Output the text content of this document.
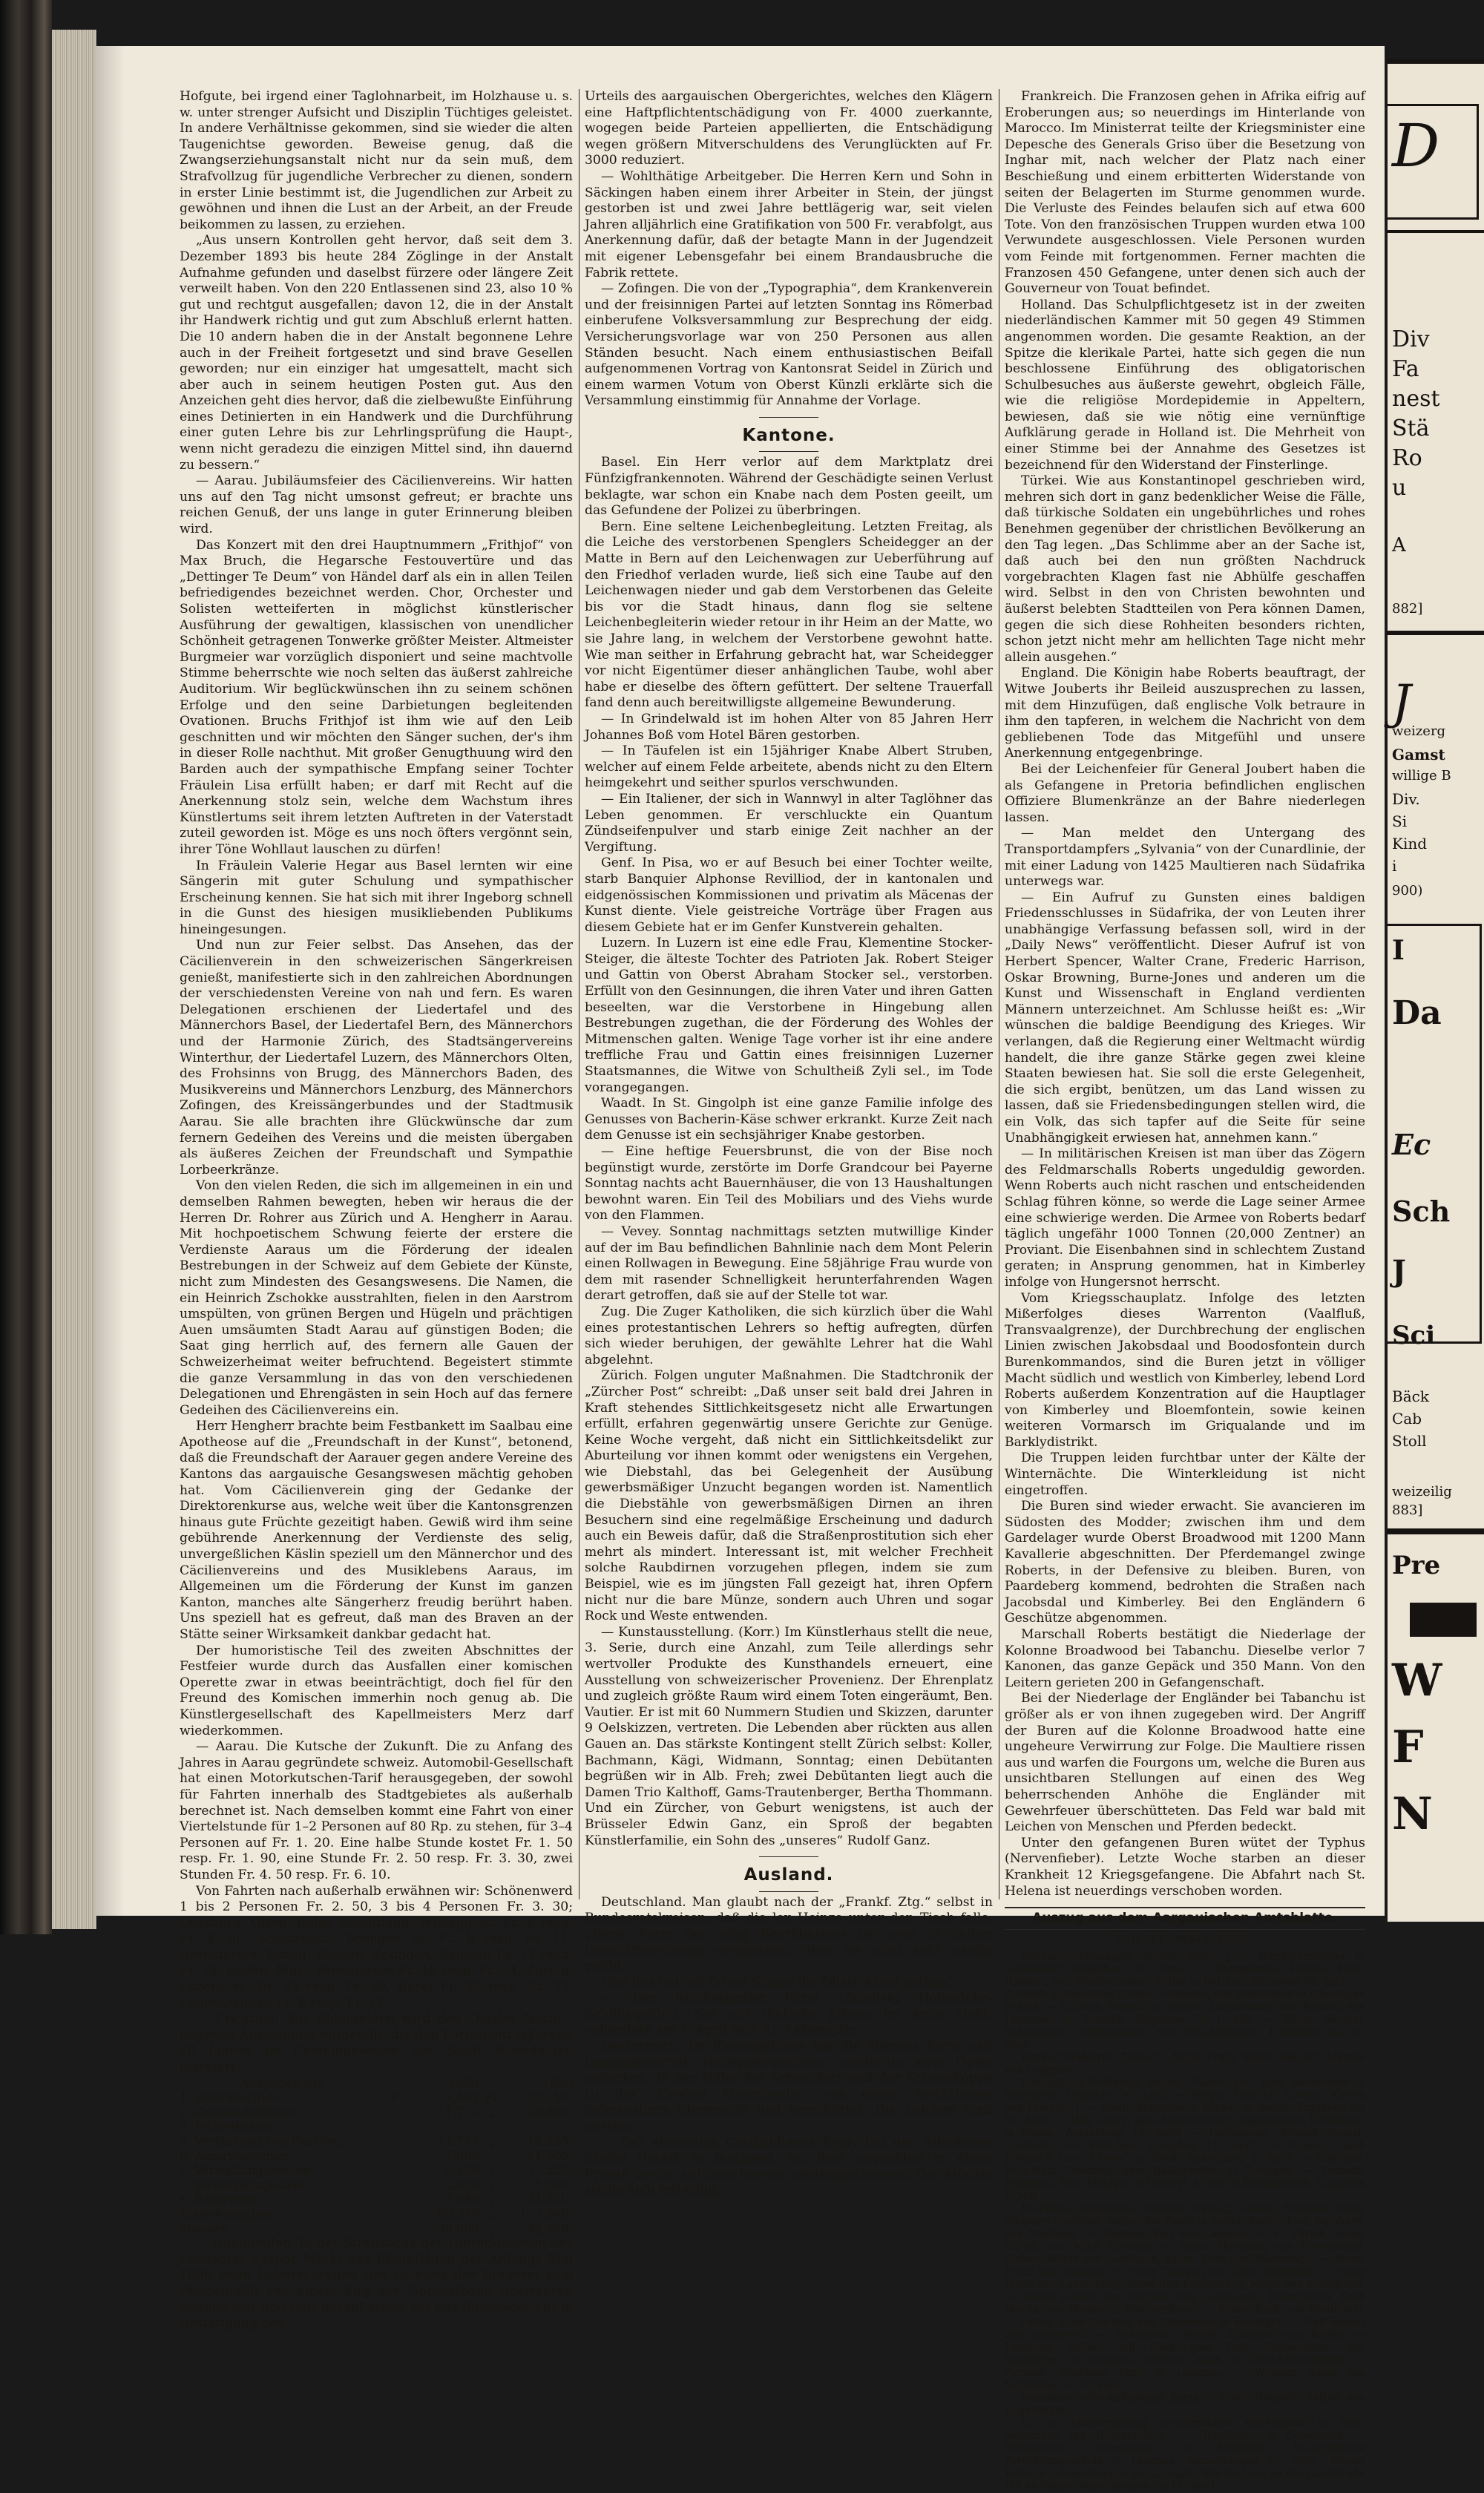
Hofgute, bei irgend einer Taglohnarbeit, im Holzhause u. s. w. unter strenger Aufsicht und Disziplin Tüchtiges geleistet. In andere Verhältnisse gekommen, sind sie wieder die alten Taugenichtse geworden. Beweise genug, daß die Zwangserziehungsanstalt nicht nur da sein muß, dem Strafvollzug für jugendliche Verbrecher zu dienen, sondern in erster Linie bestimmt ist, die Jugendlichen zur Arbeit zu gewöhnen und ihnen die Lust an der Arbeit, an der Freude beikommen zu lassen, zu erziehen.

„Aus unsern Kontrollen geht hervor, daß seit dem 3. Dezember 1893 bis heute 284 Zöglinge in der Anstalt Aufnahme gefunden und daselbst fürzere oder längere Zeit verweilt haben. Von den 220 Entlassenen sind 23, also 10 % gut und rechtgut ausgefallen; davon 12, die in der Anstalt ihr Handwerk richtig und gut zum Abschluß erlernt hatten. Die 10 andern haben die in der Anstalt begonnene Lehre auch in der Freiheit fortgesetzt und sind brave Gesellen geworden; nur ein einziger hat umgesattelt, macht sich aber auch in seinem heutigen Posten gut. Aus den Anzeichen geht dies hervor, daß die zielbewußte Einführung eines Detinierten in ein Handwerk und die Durchführung einer guten Lehre bis zur Lehrlingsprüfung die Haupt-, wenn nicht geradezu die einzigen Mittel sind, ihn dauernd zu bessern.“

— Aarau. Jubiläumsfeier des Cäcilienvereins. Wir hatten uns auf den Tag nicht umsonst gefreut; er brachte uns reichen Genuß, der uns lange in guter Erinnerung bleiben wird.

Das Konzert mit den drei Hauptnummern „Frithjof“ von Max Bruch, die Hegarsche Festouvertüre und das „Dettinger Te Deum“ von Händel darf als ein in allen Teilen befriedigendes bezeichnet werden. Chor, Orchester und Solisten wetteiferten in möglichst künstlerischer Ausführung der gewaltigen, klassischen von unendlicher Schönheit getragenen Tonwerke größter Meister. Altmeister Burgmeier war vorzüglich disponiert und seine machtvolle Stimme beherrschte wie noch selten das äußerst zahlreiche Auditorium. Wir beglückwünschen ihn zu seinem schönen Erfolge und den seine Darbietungen begleitenden Ovationen. Bruchs Frithjof ist ihm wie auf den Leib geschnitten und wir möchten den Sänger suchen, der's ihm in dieser Rolle nachthut. Mit großer Genugthuung wird den Barden auch der sympathische Empfang seiner Tochter Fräulein Lisa erfüllt haben; er darf mit Recht auf die Anerkennung stolz sein, welche dem Wachstum ihres Künstlertums seit ihrem letzten Auftreten in der Vaterstadt zuteil geworden ist. Möge es uns noch öfters vergönnt sein, ihrer Töne Wohllaut lauschen zu dürfen!

In Fräulein Valerie Hegar aus Basel lernten wir eine Sängerin mit guter Schulung und sympathischer Erscheinung kennen. Sie hat sich mit ihrer Ingeborg schnell in die Gunst des hiesigen musikliebenden Publikums hineingesungen.

Und nun zur Feier selbst. Das Ansehen, das der Cäcilienverein in den schweizerischen Sängerkreisen genießt, manifestierte sich in den zahlreichen Abordnungen der verschiedensten Vereine von nah und fern. Es waren Delegationen erschienen der Liedertafel und des Männerchors Basel, der Liedertafel Bern, des Männerchors und der Harmonie Zürich, des Stadtsängervereins Winterthur, der Liedertafel Luzern, des Männerchors Olten, des Frohsinns von Brugg, des Männerchors Baden, des Musikvereins und Männerchors Lenzburg, des Männerchors Zofingen, des Kreissängerbundes und der Stadtmusik Aarau. Sie alle brachten ihre Glückwünsche dar zum fernern Gedeihen des Vereins und die meisten übergaben als äußeres Zeichen der Freundschaft und Sympathie Lorbeerkränze.

Von den vielen Reden, die sich im allgemeinen in ein und demselben Rahmen bewegten, heben wir heraus die der Herren Dr. Rohrer aus Zürich und A. Hengherr in Aarau. Mit hochpoetischem Schwung feierte der erstere die Verdienste Aaraus um die Förderung der idealen Bestrebungen in der Schweiz auf dem Gebiete der Künste, nicht zum Mindesten des Gesangswesens. Die Namen, die ein Heinrich Zschokke ausstrahlten, fielen in den Aarstrom umspülten, von grünen Bergen und Hügeln und prächtigen Auen umsäumten Stadt Aarau auf günstigen Boden; die Saat ging herrlich auf, des fernern alle Gauen der Schweizerheimat weiter befruchtend. Begeistert stimmte die ganze Versammlung in das von den verschiedenen Delegationen und Ehrengästen in sein Hoch auf das fernere Gedeihen des Cäcilienvereins ein.

Herr Hengherr brachte beim Festbankett im Saalbau eine Apotheose auf die „Freundschaft in der Kunst“, betonend, daß die Freundschaft der Aarauer gegen andere Vereine des Kantons das aargauische Gesangswesen mächtig gehoben hat. Vom Cäcilienverein ging der Gedanke der Direktorenkurse aus, welche weit über die Kantonsgrenzen hinaus gute Früchte gezeitigt haben. Gewiß wird ihm seine gebührende Anerkennung der Verdienste des selig, unvergeßlichen Käslin speziell um den Männerchor und des Cäcilienvereins und des Musiklebens Aaraus, im Allgemeinen um die Förderung der Kunst im ganzen Kanton, manches alte Sängerherz freudig berührt haben. Uns speziell hat es gefreut, daß man des Braven an der Stätte seiner Wirksamkeit dankbar gedacht hat.

Der humoristische Teil des zweiten Abschnittes der Festfeier wurde durch das Ausfallen einer komischen Operette zwar in etwas beeinträchtigt, doch fiel für den Freund des Komischen immerhin noch genug ab. Die Künstlergesellschaft des Kapellmeisters Merz darf wiederkommen.

— Aarau. Die Kutsche der Zukunft. Die zu Anfang des Jahres in Aarau gegründete schweiz. Automobil-Gesellschaft hat einen Motorkutschen-Tarif herausgegeben, der sowohl für Fahrten innerhalb des Stadtgebietes als außerhalb berechnet ist. Nach demselben kommt eine Fahrt von einer Viertelstunde für 1–2 Personen auf 80 Rp. zu stehen, für 3–4 Personen auf Fr. 1. 20. Eine halbe Stunde kostet Fr. 1. 50 resp. Fr. 1. 90, eine Stunde Fr. 2. 50 resp. Fr. 3. 30, zwei Stunden Fr. 4. 50 resp. Fr. 6. 10.

Von Fahrten nach außerhalb erwähnen wir: Schönenwerd 1 bis 2 Personen Fr. 2. 50, 3 bis 4 Personen Fr. 3. 30; Lenzburg, Olten, Kulm, Schöftland, Wildegg ec. Fr. 6 resp. Fr. 8. 50, Schinznach, Seengen ec. Fr. 8 resp. Fr. 11, Bremgarten, Brugg, Wohlen, Zofingen, Reinach Fr. 12 resp. Fr. 18, Baden, Muri, Bremgarten Fr. 18 resp. Fr. 24, Zürich, Luzern ec. Fr. 22 resp. Fr. 30, Basel Fr. 25 resp. Fr. 32, Laurenzenbad Fr. 8 resp. Fr. 12.

— Frickthal. Aus Rheinfelden wird den „Basler Nachr.“ folgende Ausstellung mitgeteilt, die den Fortschritt während 20 Jahren im Gemeindewesen der Stadt Rheinfelden markiert:

Ausgaben pro		1880		1900
1. Bezirksschule	Fr.	7,552	Fr.	20,150.
2. Gemeindeschule	„	11,722	„	20,800.
3. Polizeikasse:				
a. Verzinsung von Passiven	„	11,731	„	14,435.
b. Amortisationen	„	7,000	„	11,500.
c. Verwaltungskosten	„	9,500	„	17,250.
d. Sicherheitspolizei	„	2,650	„	5,050.
e. Bauwesen	„	7,080	„	21,450.
Total-Ausgaben	„	60,379	„	117,900.
Steuern	„	33,000	„	42,250.

— Rheinfelden. In der Streitsache der Hinterlassenen des Landwirts Kaspar Märki aus Rheinfelden der Anfangs Mai 1898 beim Ueberschreiten des Geleises der Brauerei zum Feldschlößli von einem Zug der Nordostbahn überfahren worden war und tags darauf starb, hat das Bundesgericht in Bestätigung des

Urteils des aargauischen Obergerichtes, welches den Klägern eine Haftpflichtentschädigung von Fr. 4000 zuerkannte, wogegen beide Parteien appellierten, die Entschädigung wegen größern Mitverschuldens des Verunglückten auf Fr. 3000 reduziert.

— Wohlthätige Arbeitgeber. Die Herren Kern und Sohn in Säckingen haben einem ihrer Arbeiter in Stein, der jüngst gestorben ist und zwei Jahre bettlägerig war, seit vielen Jahren alljährlich eine Gratifikation von 500 Fr. verabfolgt, aus Anerkennung dafür, daß der betagte Mann in der Jugendzeit mit eigener Lebensgefahr bei einem Brandausbruche die Fabrik rettete.

— Zofingen. Die von der „Typographia“, dem Krankenverein und der freisinnigen Partei auf letzten Sonntag ins Römerbad einberufene Volksversammlung zur Besprechung der eidg. Versicherungsvorlage war von 250 Personen aus allen Ständen besucht. Nach einem enthusiastischen Beifall aufgenommenen Vortrag von Kantonsrat Seidel in Zürich und einem warmen Votum von Oberst Künzli erklärte sich die Versammlung einstimmig für Annahme der Vorlage.

Kantone.

Basel. Ein Herr verlor auf dem Marktplatz drei Fünfzigfrankennoten. Während der Geschädigte seinen Verlust beklagte, war schon ein Knabe nach dem Posten geeilt, um das Gefundene der Polizei zu überbringen.

Bern. Eine seltene Leichenbegleitung. Letzten Freitag, als die Leiche des verstorbenen Spenglers Scheidegger an der Matte in Bern auf den Leichenwagen zur Ueberführung auf den Friedhof verladen wurde, ließ sich eine Taube auf den Leichenwagen nieder und gab dem Verstorbenen das Geleite bis vor die Stadt hinaus, dann flog sie seltene Leichenbegleiterin wieder retour in ihr Heim an der Matte, wo sie Jahre lang, in welchem der Verstorbene gewohnt hatte. Wie man seither in Erfahrung gebracht hat, war Scheidegger vor nicht Eigentümer dieser anhänglichen Taube, wohl aber habe er dieselbe des öftern gefüttert. Der seltene Trauerfall fand denn auch bereitwilligste allgemeine Bewunderung.

— In Grindelwald ist im hohen Alter von 85 Jahren Herr Johannes Boß vom Hotel Bären gestorben.

— In Täufelen ist ein 15jähriger Knabe Albert Struben, welcher auf einem Felde arbeitete, abends nicht zu den Eltern heimgekehrt und seither spurlos verschwunden.

— Ein Italiener, der sich in Wannwyl in alter Taglöhner das Leben genommen. Er verschluckte ein Quantum Zündseifenpulver und starb einige Zeit nachher an der Vergiftung.

Genf. In Pisa, wo er auf Besuch bei einer Tochter weilte, starb Banquier Alphonse Revilliod, der in kantonalen und eidgenössischen Kommissionen und privatim als Mäcenas der Kunst diente. Viele geistreiche Vorträge über Fragen aus diesem Gebiete hat er im Genfer Kunstverein gehalten.

Luzern. In Luzern ist eine edle Frau, Klementine Stocker-Steiger, die älteste Tochter des Patrioten Jak. Robert Steiger und Gattin von Oberst Abraham Stocker sel., verstorben. Erfüllt von den Gesinnungen, die ihren Vater und ihren Gatten beseelten, war die Verstorbene in Hingebung allen Bestrebungen zugethan, die der Förderung des Wohles der Mitmenschen galten. Wenige Tage vorher ist ihr eine andere treffliche Frau und Gattin eines freisinnigen Luzerner Staatsmannes, die Witwe von Schultheiß Zyli sel., im Tode vorangegangen.

Waadt. In St. Gingolph ist eine ganze Familie infolge des Genusses von Bacherin-Käse schwer erkrankt. Kurze Zeit nach dem Genusse ist ein sechsjähriger Knabe gestorben.

— Eine heftige Feuersbrunst, die von der Bise noch begünstigt wurde, zerstörte im Dorfe Grandcour bei Payerne Sonntag nachts acht Bauernhäuser, die von 13 Haushaltungen bewohnt waren. Ein Teil des Mobiliars und des Viehs wurde von den Flammen.

— Vevey. Sonntag nachmittags setzten mutwillige Kinder auf der im Bau befindlichen Bahnlinie nach dem Mont Pelerin einen Rollwagen in Bewegung. Eine 58jährige Frau wurde von dem mit rasender Schnelligkeit herunterfahrenden Wagen derart getroffen, daß sie auf der Stelle tot war.

Zug. Die Zuger Katholiken, die sich kürzlich über die Wahl eines protestantischen Lehrers so heftig aufregten, dürfen sich wieder beruhigen, der gewählte Lehrer hat die Wahl abgelehnt.

Zürich. Folgen unguter Maßnahmen. Die Stadtchronik der „Zürcher Post“ schreibt: „Daß unser seit bald drei Jahren in Kraft stehendes Sittlichkeitsgesetz nicht alle Erwartungen erfüllt, erfahren gegenwärtig unsere Gerichte zur Genüge. Keine Woche vergeht, daß nicht ein Sittlichkeitsdelikt zur Aburteilung vor ihnen kommt oder wenigstens ein Vergehen, wie Diebstahl, das bei Gelegenheit der Ausübung gewerbsmäßiger Unzucht begangen worden ist. Namentlich die Diebstähle von gewerbsmäßigen Dirnen an ihren Besuchern sind eine regelmäßige Erscheinung und dadurch auch ein Beweis dafür, daß die Straßenprostitution sich eher mehrt als mindert. Interessant ist, mit welcher Frechheit solche Raubdirnen vorzugehen pflegen, indem sie zum Beispiel, wie es im jüngsten Fall gezeigt hat, ihren Opfern nicht nur die bare Münze, sondern auch Uhren und sogar Rock und Weste entwenden.

— Kunstausstellung. (Korr.) Im Künstlerhaus stellt die neue, 3. Serie, durch eine Anzahl, zum Teile allerdings sehr wertvoller Produkte des Kunsthandels erneuert, eine Ausstellung von schweizerischer Provenienz. Der Ehrenplatz und zugleich größte Raum wird einem Toten eingeräumt, Ben. Vautier. Er ist mit 60 Nummern Studien und Skizzen, darunter 9 Oelskizzen, vertreten. Die Lebenden aber rückten aus allen Gauen an. Das stärkste Kontingent stellt Zürich selbst: Koller, Bachmann, Kägi, Widmann, Sonntag; einen Debütanten begrüßen wir in Alb. Freh; zwei Debütanten liegt auch die Damen Trio Kalthoff, Gams-Trautenberger, Bertha Thommann. Und ein Zürcher, von Geburt wenigstens, ist auch der Brüsseler Edwin Ganz, ein Sproß der begabten Künstlerfamilie, ein Sohn des „unseres“ Rudolf Ganz.

Ausland.

Deutschland. Man glaubt nach der „Frankf. Ztg.“ selbst in Bundesratskreisen, daß die lex Heinze unter den Tisch falle. „Diese Form des selig Begräbnisses ist zwar in keiner Geschäftsordnung vorgesehen, aber sie wird sehr häufig geübt.“

Und das hat mit ihrem Singer die Ohstruktion gethan!

— Der Reichskanzler Fürst Chlodwig Hohenlohe-Schillingsfürst, der seit fünfzehn Jahren im Amte steht, vollendete am 1. April sein 81. Lebensjahr.

Oesterreich. Im Riesengebirge hat die überaus harte und langandauernde Hochgebirgswinter wiederum zwei Opfer gefordert. In der Nähe des Schneiders und der Schneekoppe ist der „Großen Sturmhaube“ von einem furchtbaren Schneesturm überrascht und verschüttet. Die Leichen fand gestern.

— Der ehemalige Garibaldianer Ryuly hat den Advokaten Stefan Horath in Budapest, bei dem gegenüber er einen Prozeß verlor, auf dem Bureau niedergeschossen. Der Mörder stellte sich freiwillig.

Frankreich. Die Franzosen gehen in Afrika eifrig auf Eroberungen aus; so neuerdings im Hinterlande von Marocco. Im Ministerrat teilte der Kriegsminister eine Depesche des Generals Griso über die Besetzung von Inghar mit, nach welcher der Platz nach einer Beschießung und einem erbitterten Widerstande von seiten der Belagerten im Sturme genommen wurde. Die Verluste des Feindes belaufen sich auf etwa 600 Tote. Von den französischen Truppen wurden etwa 100 Verwundete ausgeschlossen. Viele Personen wurden vom Feinde mit fortgenommen. Ferner machten die Franzosen 450 Gefangene, unter denen sich auch der Gouverneur von Touat befindet.

Holland. Das Schulpflichtgesetz ist in der zweiten niederländischen Kammer mit 50 gegen 49 Stimmen angenommen worden. Die gesamte Reaktion, an der Spitze die klerikale Partei, hatte sich gegen die nun beschlossene Einführung des obligatorischen Schulbesuches aus äußerste gewehrt, obgleich Fälle, wie die religiöse Mordepidemie in Appeltern, bewiesen, daß sie wie nötig eine vernünftige Aufklärung gerade in Holland ist. Die Mehrheit von einer Stimme bei der Annahme des Gesetzes ist bezeichnend für den Widerstand der Finsterlinge.

Türkei. Wie aus Konstantinopel geschrieben wird, mehren sich dort in ganz bedenklicher Weise die Fälle, daß türkische Soldaten ein ungebührliches und rohes Benehmen gegenüber der christlichen Bevölkerung an den Tag legen. „Das Schlimme aber an der Sache ist, daß auch bei den nun größten Nachdruck vorgebrachten Klagen fast nie Abhülfe geschaffen wird. Selbst in den von Christen bewohnten und äußerst belebten Stadtteilen von Pera können Damen, gegen die sich diese Rohheiten besonders richten, schon jetzt nicht mehr am hellichten Tage nicht mehr allein ausgehen.“

England. Die Königin habe Roberts beauftragt, der Witwe Jouberts ihr Beileid auszusprechen zu lassen, mit dem Hinzufügen, daß englische Volk betraure in ihm den tapferen, in welchem die Nachricht von dem gebliebenen Tode das Mitgefühl und unsere Anerkennung entgegenbringe.

Bei der Leichenfeier für General Joubert haben die als Gefangene in Pretoria befindlichen englischen Offiziere Blumenkränze an der Bahre niederlegen lassen.

— Man meldet den Untergang des Transportdampfers „Sylvania“ von der Cunardlinie, der mit einer Ladung von 1425 Maultieren nach Südafrika unterwegs war.

— Ein Aufruf zu Gunsten eines baldigen Friedensschlusses in Südafrika, der von Leuten ihrer unabhängige Verfassung befassen soll, wird in der „Daily News“ veröffentlicht. Dieser Aufruf ist von Herbert Spencer, Walter Crane, Frederic Harrison, Oskar Browning, Burne-Jones und anderen um die Kunst und Wissenschaft in England verdienten Männern unterzeichnet. Am Schlusse heißt es: „Wir wünschen die baldige Beendigung des Krieges. Wir verlangen, daß die Regierung einer Weltmacht würdig handelt, die ihre ganze Stärke gegen zwei kleine Staaten bewiesen hat. Sie soll die erste Gelegenheit, die sich ergibt, benützen, um das Land wissen zu lassen, daß sie Friedensbedingungen stellen wird, die ein Volk, das sich tapfer auf die Seite für seine Unabhängigkeit erwiesen hat, annehmen kann.“

— In militärischen Kreisen ist man über das Zögern des Feldmarschalls Roberts ungeduldig geworden. Wenn Roberts auch nicht raschen und entscheidenden Schlag führen könne, so werde die Lage seiner Armee eine schwierige werden. Die Armee von Roberts bedarf täglich ungefähr 1000 Tonnen (20,000 Zentner) an Proviant. Die Eisenbahnen sind in schlechtem Zustand geraten; in Ansprung genommen, hat in Kimberley infolge von Hungersnot herrscht.

Vom Kriegsschauplatz. Infolge des letzten Mißerfolges dieses Warrenton (Vaalfluß, Transvaalgrenze), der Durchbrechung der englischen Linien zwischen Jakobsdaal und Boodosfontein durch Burenkommandos, sind die Buren jetzt in völliger Macht südlich und westlich von Kimberley, lebend Lord Roberts außerdem Konzentration auf die Hauptlager von Kimberley und Bloemfontein, sowie keinen weiteren Vormarsch im Griqualande und im Barklydistrikt.

Die Truppen leiden furchtbar unter der Kälte der Winternächte. Die Winterkleidung ist nicht eingetroffen.

Die Buren sind wieder erwacht. Sie avancieren im Südosten des Modder; zwischen ihm und dem Gardelager wurde Oberst Broadwood mit 1200 Mann Kavallerie abgeschnitten. Der Pferdemangel zwinge Roberts, in der Defensive zu bleiben. Buren, von Paardeberg kommend, bedrohten die Straßen nach Jacobsdal und Kimberley. Bei den Engländern 6 Geschütze abgenommen.

Marschall Roberts bestätigt die Niederlage der Kolonne Broadwood bei Tabanchu. Dieselbe verlor 7 Kanonen, das ganze Gepäck und 350 Mann. Von den Leitern gerieten 200 in Gefangenschaft.

Bei der Niederlage der Engländer bei Tabanchu ist größer als er von ihnen zugegeben wird. Der Angriff der Buren auf die Kolonne Broadwood hatte eine ungeheure Verwirrung zur Folge. Die Maultiere rissen aus und warfen die Fourgons um, welche die Buren aus unsichtbaren Stellungen auf einen des Weg beherrschenden Anhöhe die Engländer mit Gewehrfeuer überschütteten. Das Feld war bald mit Leichen von Menschen und Pferden bedeckt.

Unter den gefangenen Buren wütet der Typhus (Nervenfieber). Letzte Woche starben an dieser Krankheit 12 Kriegsgefangene. Die Abfahrt nach St. Helena ist neuerdings verschoben worden.

Auszug aus dem Aargauischen Amtsblatte.
Vom 31. März 1900.

Konkurs-Eröffnungen. Baden. Killer, Jos., Schreinermeister in Gebenstorf. Eingaben 30. April. — Bremgarten. Leupin, Fritz, Händler, von Windischstein, früher in Berikon, Eingaben 30. April. — Zurzach. Gutenacher, Gottfr., Schlosser, von Staffelbach in Ofstringen Schluß. — Zurzach. Höger, Ihr. Johann, Zimmermann und Krämer, von Lienstein, in Zurzach. Eingaben bis 1. Mai. — Wyler, Samuel, Schweizerin, Weißwäscher, von Neu-Endingen. Eingaben bis 10. April.

Konkurs-Widerruf. Zurzach. Angst Franz Xaver, Maurer, Marzen von Lengnau.

Liquidations-Eröffnung. Baden. Stählin, Jos., gew. Baumeister in Wettingen. Eingaben 30. April. — Burger, Gottlieb, Giesser, Käferli von Freienwyl. — Meril, Magdalena, Witwe, in Baden. Eingaben bis 10. April. — Hug Georg, gew. Schmied und Ziegelmeister, Einwohner in Baden, Anmeldung 10. April. — Laufenburg. Schmid August, Gastwirt, von Steinfeld. Eingaben 11. April. — Rohrer, Jakob Friedrich zum „Löwen“ in Frick. Anmeldung 1. April. — Zofingen. Wirz-Wolf, Friedrich, gew. Bankdirektor in Zofingen. — Zurzach. Johannes, Schn Metzger in Huttwyl, früher in Strengelbach. Eingaben 1. Mai.

Fruchtlos Gepfändete. Zurzach. Herzog, Gabriel, Schmied, Sohn, Ammann Christian, Schneider. Beide in Aarau. Baden. Karl, Reinhard, von Wettikon. — Wiermer Karl von Langnau a. A., Zürich. Suter, Alfred, von Mieß Böhmen, — Meier Hermann von Birmenstorf. Stuber, Albert von Leimbach, Kulm. Fritz von Wädenswyl. — Suter, Franz von Lengnau. — Meier Traugott von Ober-Siggenthal. — Jenny Jakob von Laufenburg. Basel und Laufenburg, Maler von Schöftland. — Walter Johann von Zurzach und Geroldswyl. Bremgarten. Koch Moritz, von Wyden, in Oberurnfoten. — Maier, Emil, von Niederwyl, — Zürich. Stier Gottlieb, von Gebenstorf in Endingen. — Ruff Robert von Niederwyl. — Schwarzer, Rudolf, Eheleute von Baden. — Lenzburg. Keller, Emil, Sohn, gew. Fritz, Zimmermann, von Sigglingen, in Lengnau. Wittmer Jakob, in Ober-Ehrendingen. — Zurzach. Rohrbeer Emil, in Lengnau. — Widmer, Jakob von Siggenthal, in Zurzach.

Vormundschafts-Aufhebung. Zurzach. Zöbel, Heinrich, Sattler, von Degerfelden.

Ur- u. Amtschreibung. Neuerrichtete Mittelschule in Suhr, verbunden mit Bürgerschule. — Oberlehrer in Gebenstorf. — Unterlehrer Oberschule in Stettfeld. Neuerrichtete Fortbildungsschule in Lengnau. Anmeldungen 22. April. Pfarrei Rohrdorf. Anmeldungen bis 22. April. Wärterstelle an der Landstraße II 8 zu Bözen. Anmeldungen bis 15. April.

D
Div
Fa
nest
Stä
Ro
u
A
882]
J
weizerg
Gamst
willige B
Div.
Si
Kind
i
900)
I
Da
Ec
Sch
J
Sci
Bäck
Cab
Stoll
weizeilig
883]
Pre
W
F
N
